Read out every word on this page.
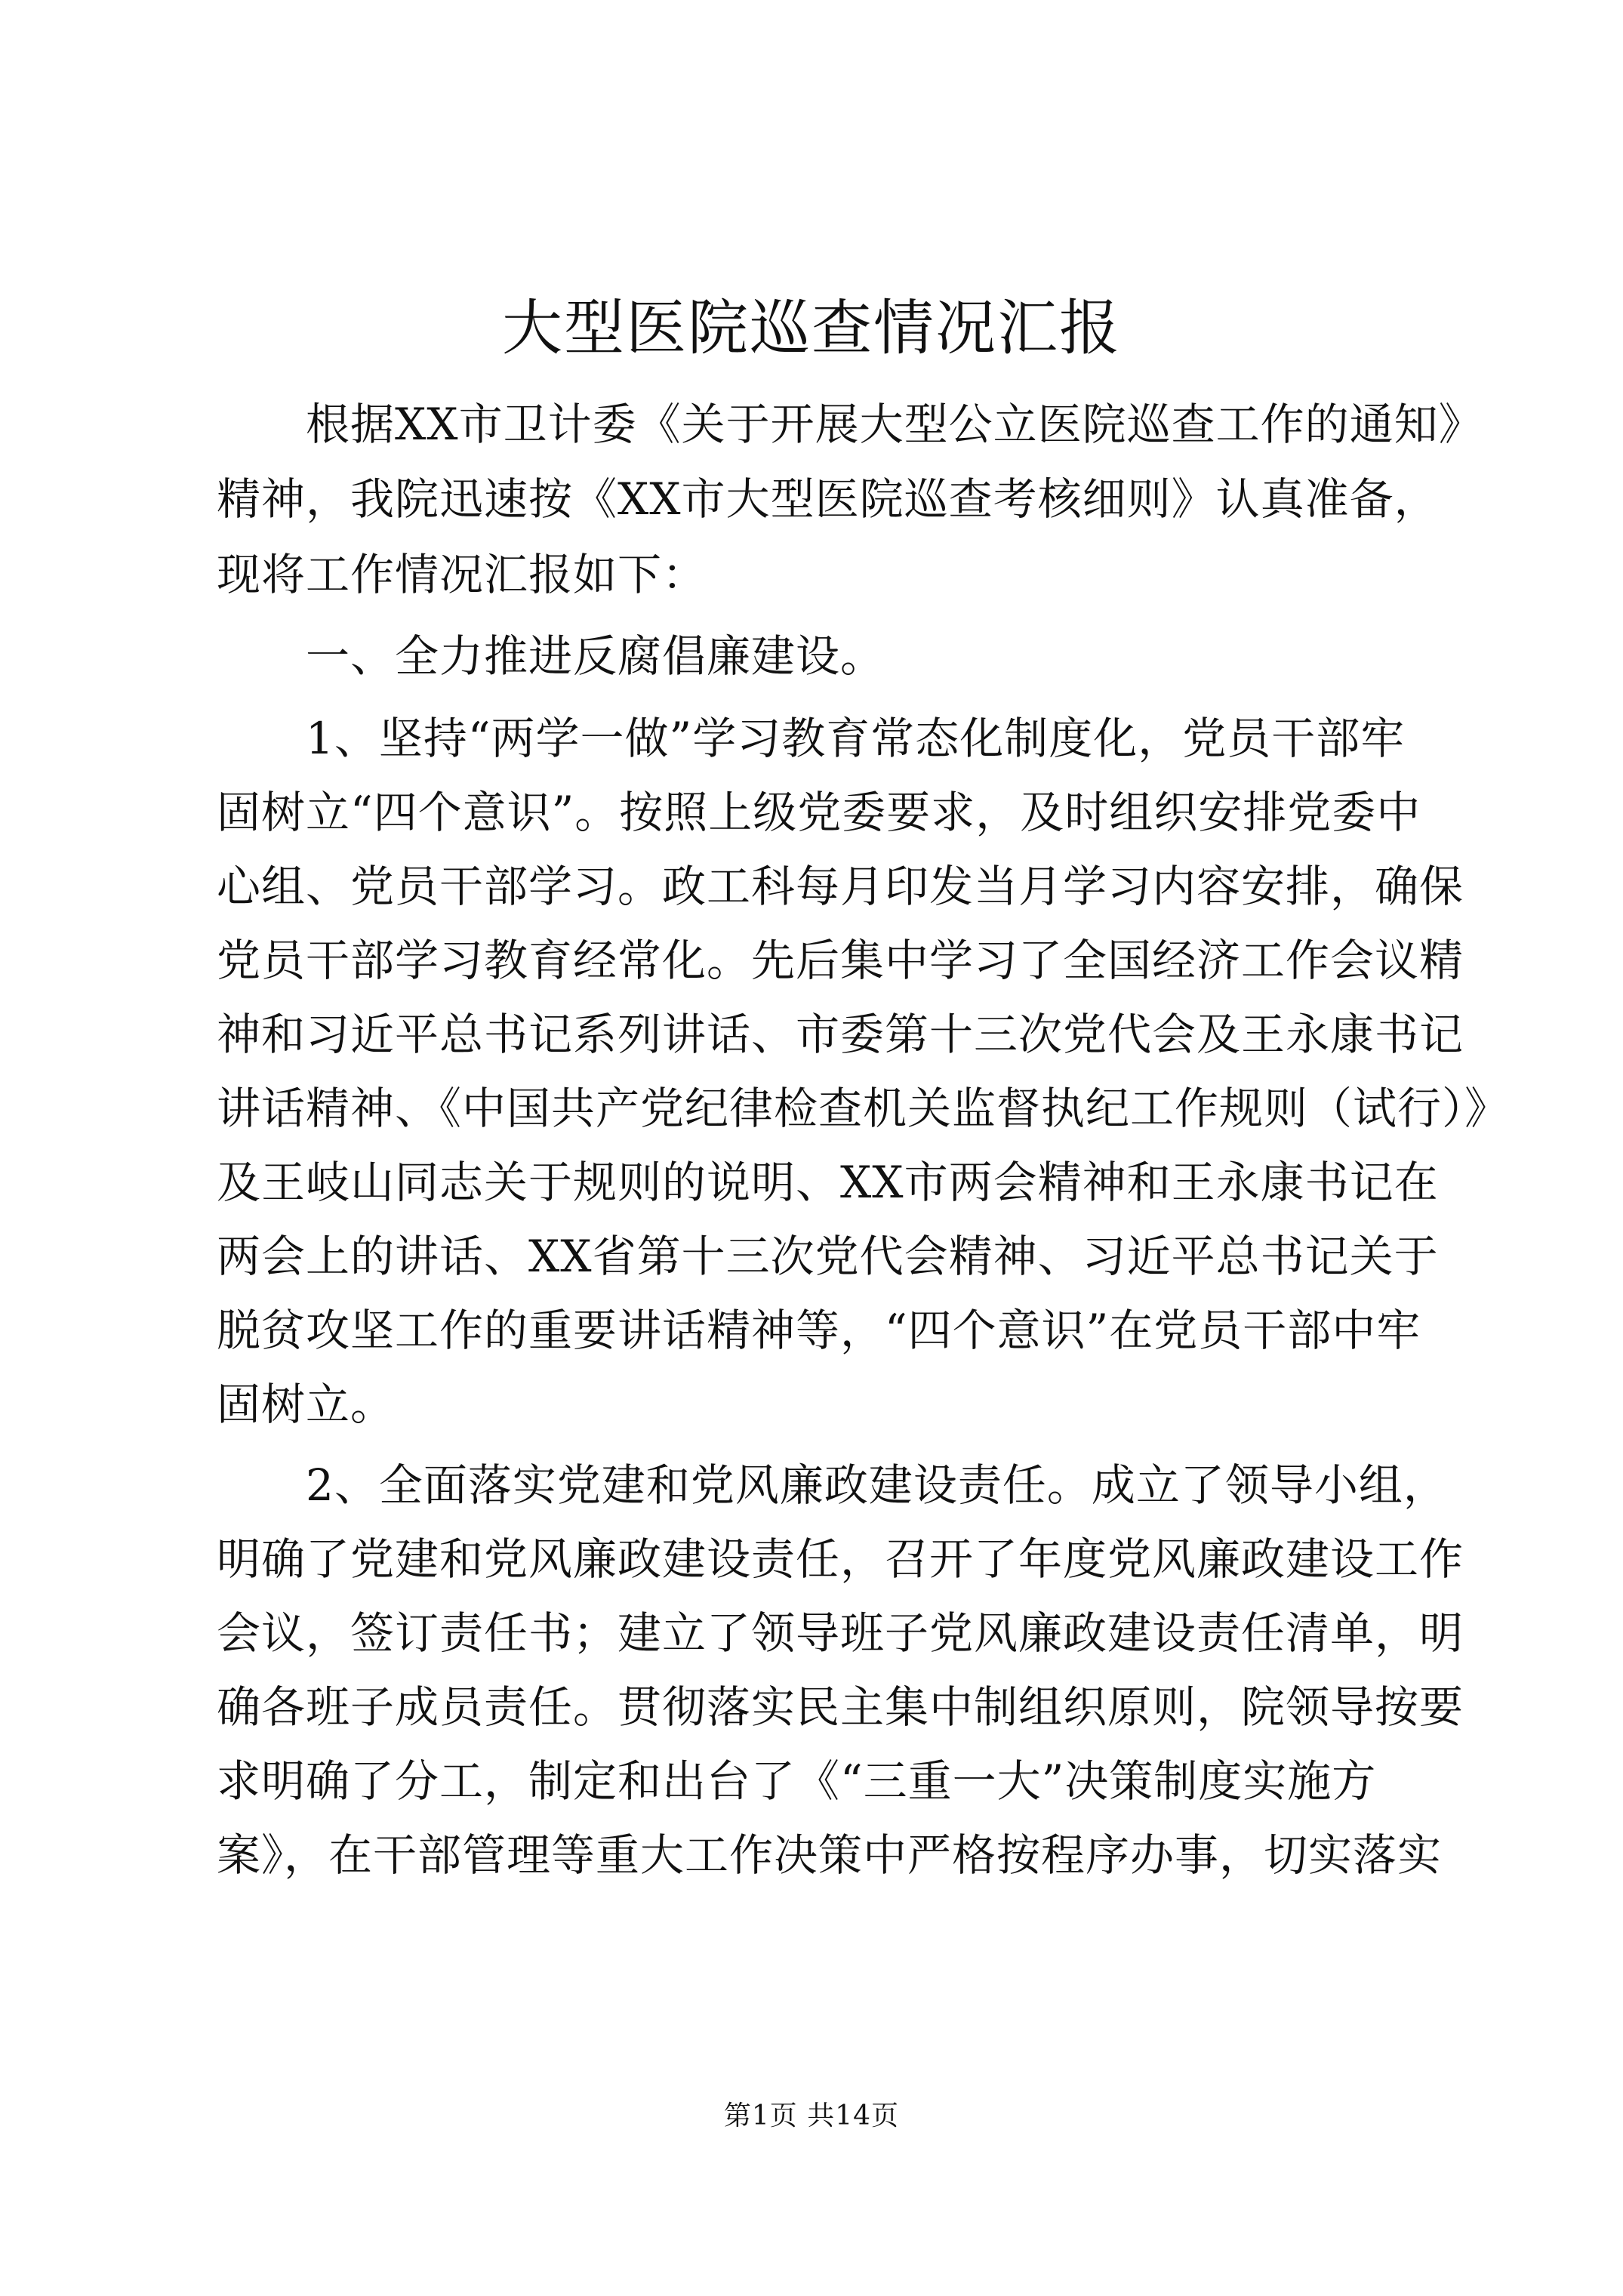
大型医院巡查情况汇报
根据XX市卫计委《关于开展大型公立医院巡查工作的通知》
精神，我院迅速按《XX市大型医院巡查考核细则》认真准备，
现将工作情况汇报如下：
一、全力推进反腐倡廉建设。
1、坚持“两学一做”学习教育常态化制度化，党员干部牢
固树立“四个意识”。按照上级党委要求，及时组织安排党委中
心组、党员干部学习。政工科每月印发当月学习内容安排，确保
党员干部学习教育经常化。先后集中学习了全国经济工作会议精
神和习近平总书记系列讲话、市委第十三次党代会及王永康书记
讲话精神、《中国共产党纪律检查机关监督执纪工作规则（试行）》
及王岐山同志关于规则的说明、XX市两会精神和王永康书记在
两会上的讲话、XX省第十三次党代会精神、习近平总书记关于
脱贫攻坚工作的重要讲话精神等，“四个意识”在党员干部中牢
固树立。
2、全面落实党建和党风廉政建设责任。成立了领导小组，
明确了党建和党风廉政建设责任，召开了年度党风廉政建设工作
会议，签订责任书；建立了领导班子党风廉政建设责任清单，明
确各班子成员责任。贯彻落实民主集中制组织原则，院领导按要
求明确了分工，制定和出台了《“三重一大”决策制度实施方
案》，在干部管理等重大工作决策中严格按程序办事，切实落实
第1页 共14页
